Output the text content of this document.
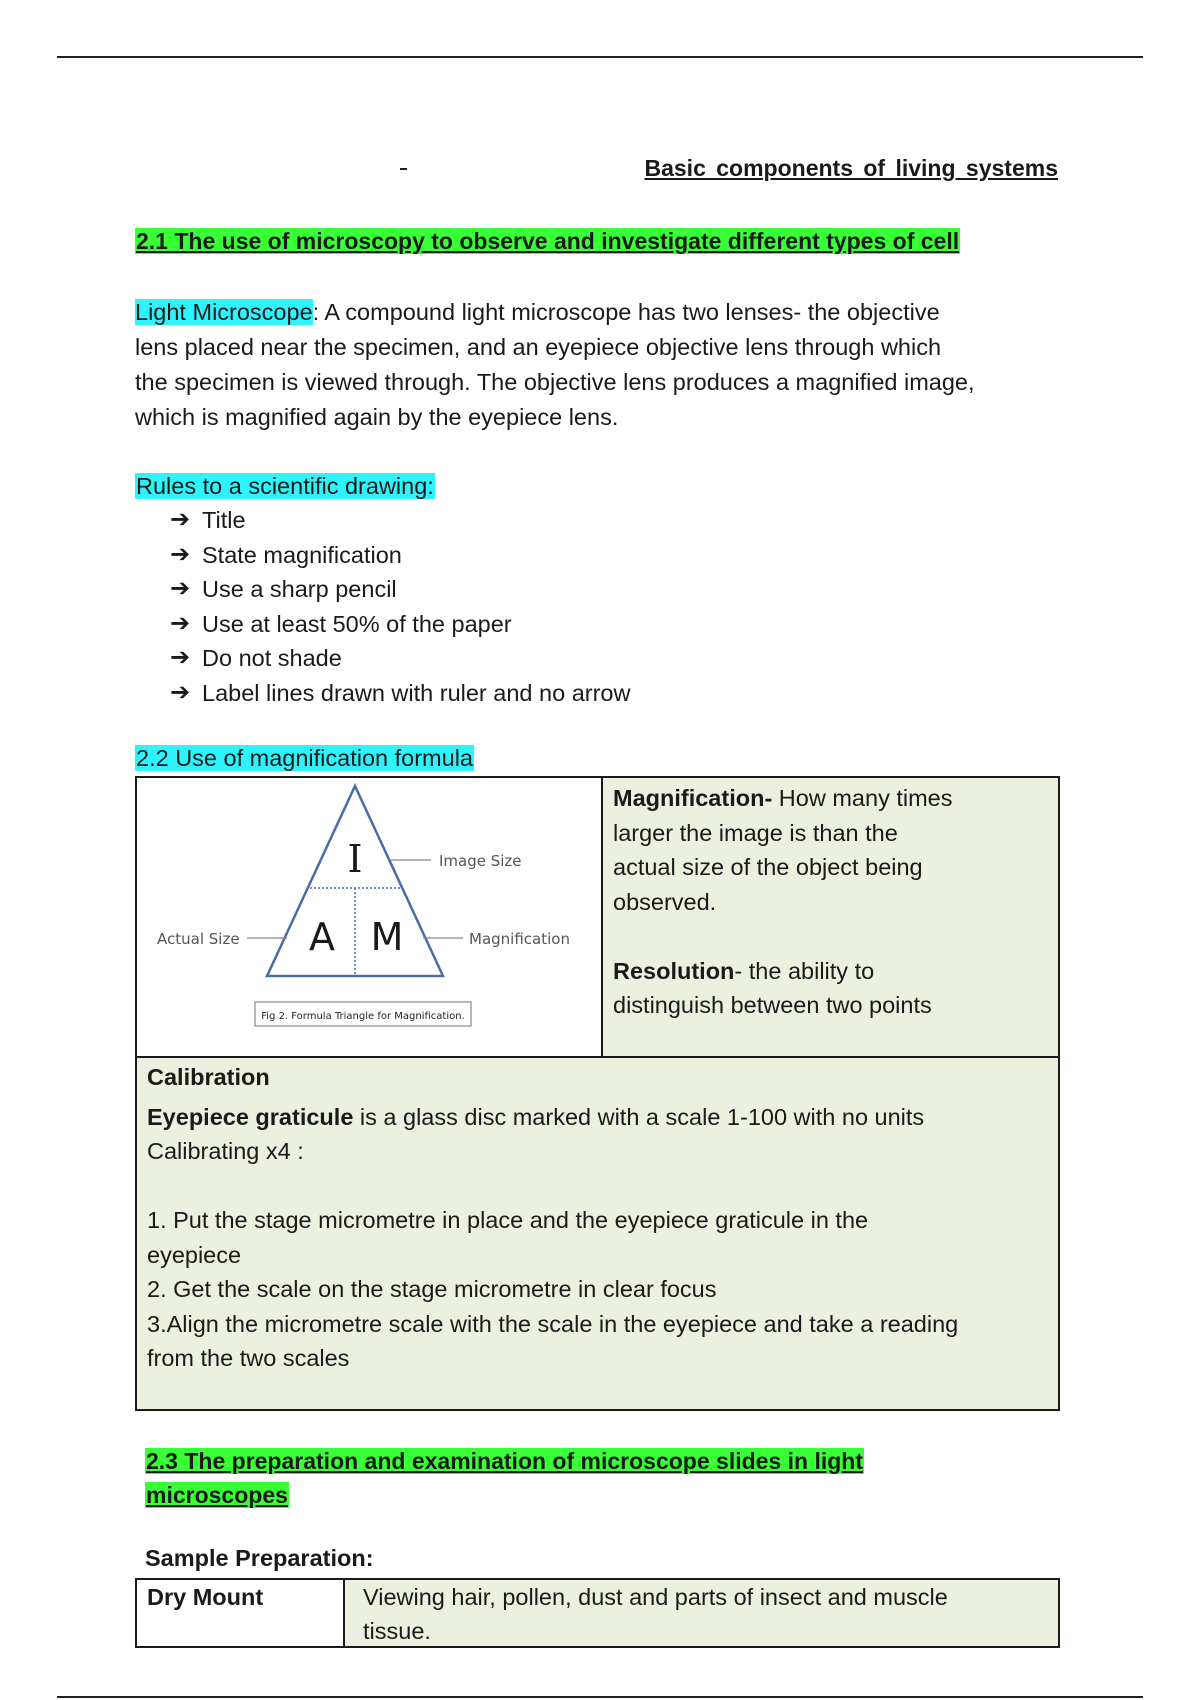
Basic components of living systems
2.1 The use of microscopy to observe and investigate different types of cell
Light Microscope: A compound light microscope has two lenses- the objective
lens placed near the specimen, and an eyepiece objective lens through which
the specimen is viewed through. The objective lens produces a magnified image,
which is magnified again by the eyepiece lens.
Rules to a scientific drawing:
➔ Title
➔ State magnification
➔ Use a sharp pencil
➔ Use at least 50% of the paper
➔ Do not shade
➔ Label lines drawn with ruler and no arrow
2.2 Use of magnification formula
I
A M
Image Size
Actual Size	Magnification
Fig 2. Formula Triangle for Magnification.
Magnification- How many times
larger the image is than the
actual size of the object being
observed.
Resolution- the ability to
distinguish between two points
Calibration
Eyepiece graticule is a glass disc marked with a scale 1-100 with no units
Calibrating x4 :
1. Put the stage micrometre in place and the eyepiece graticule in the
eyepiece
2. Get the scale on the stage micrometre in clear focus
3.Align the micrometre scale with the scale in the eyepiece and take a reading
from the two scales
2.3 The preparation and examination of microscope slides in light
microscopes
Sample Preparation:
Dry Mount	Viewing hair, pollen, dust and parts of insect and muscle
tissue.
